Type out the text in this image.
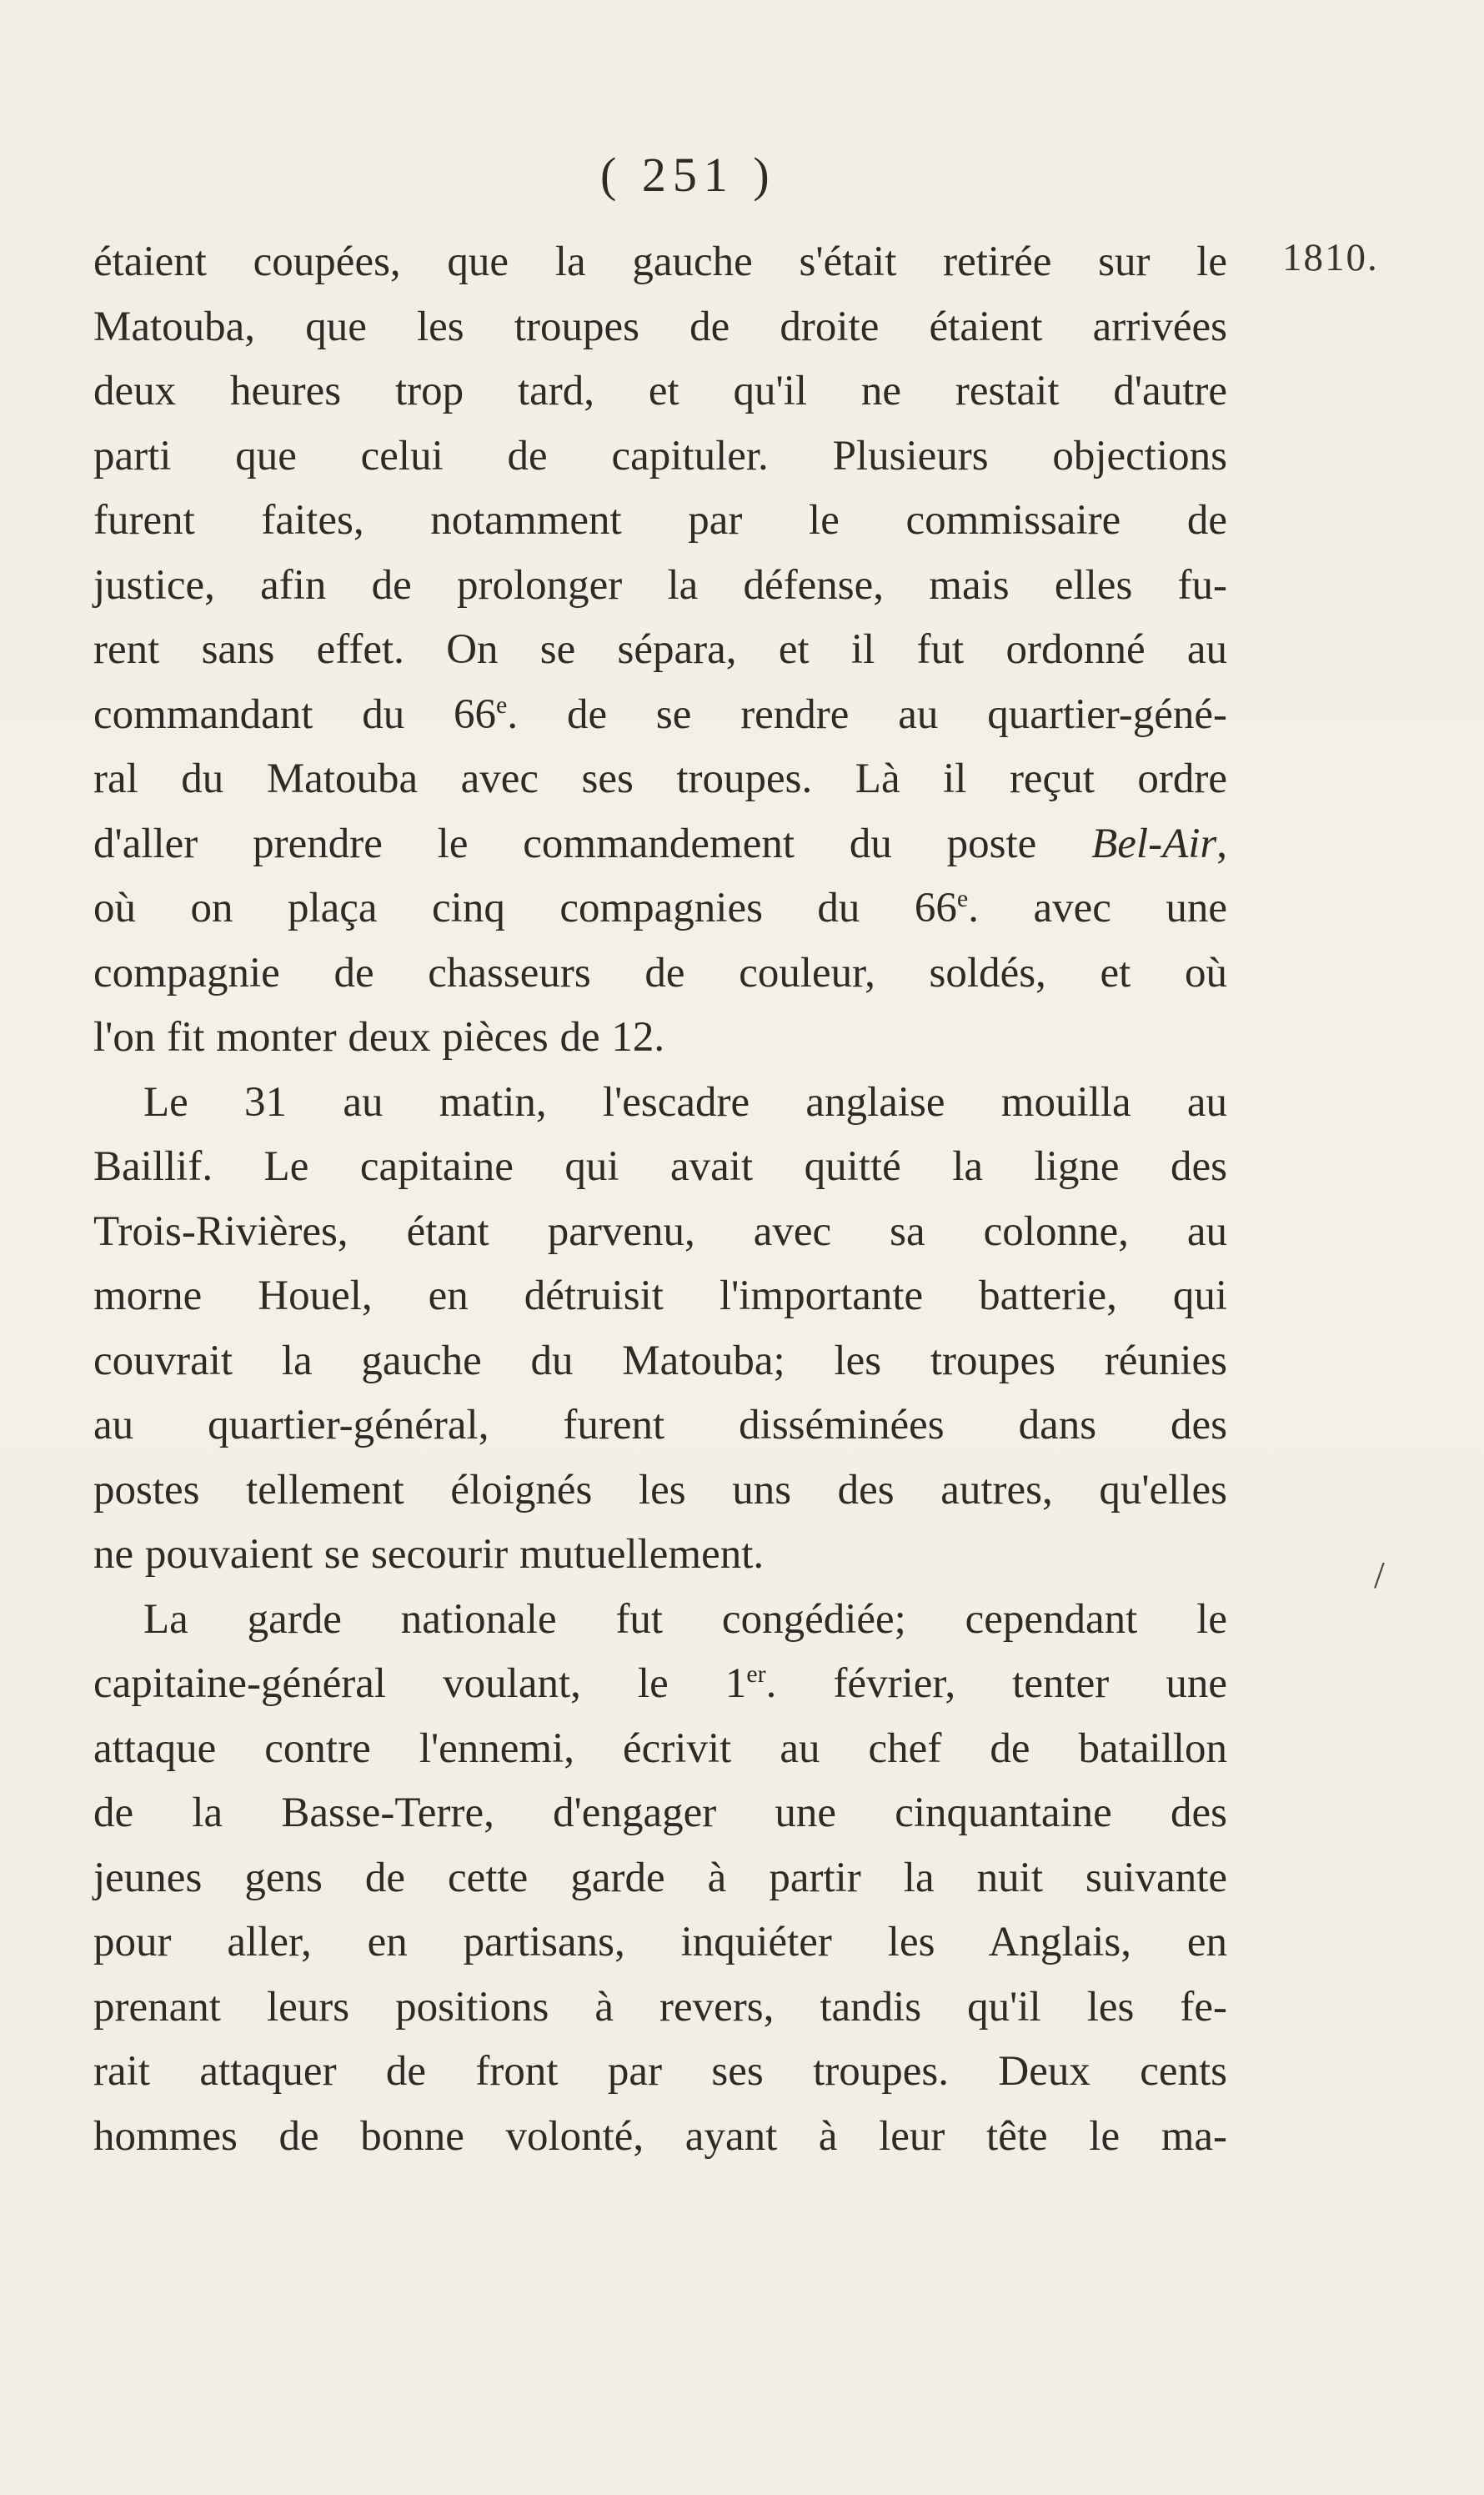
( 251 )
1810.
/
étaient coupées, que la gauche s'était retirée sur le
Matouba, que les troupes de droite étaient arrivées
deux heures trop tard, et qu'il ne restait d'autre
parti que celui de capituler. Plusieurs objections
furent faites, notamment par le commissaire de
justice, afin de prolonger la défense, mais elles fu-
rent sans effet. On se sépara, et il fut ordonné au
commandant du 66e. de se rendre au quartier-géné-
ral du Matouba avec ses troupes. Là il reçut ordre
d'aller prendre le commandement du poste Bel-Air,
où on plaça cinq compagnies du 66e. avec une
compagnie de chasseurs de couleur, soldés, et où
l'on fit monter deux pièces de 12.
Le 31 au matin, l'escadre anglaise mouilla au
Baillif. Le capitaine qui avait quitté la ligne des
Trois-Rivières, étant parvenu, avec sa colonne, au
morne Houel, en détruisit l'importante batterie, qui
couvrait la gauche du Matouba; les troupes réunies
au quartier-général, furent disséminées dans des
postes tellement éloignés les uns des autres, qu'elles
ne pouvaient se secourir mutuellement.
La garde nationale fut congédiée; cependant le
capitaine-général voulant, le 1er. février, tenter une
attaque contre l'ennemi, écrivit au chef de bataillon
de la Basse-Terre, d'engager une cinquantaine des
jeunes gens de cette garde à partir la nuit suivante
pour aller, en partisans, inquiéter les Anglais, en
prenant leurs positions à revers, tandis qu'il les fe-
rait attaquer de front par ses troupes. Deux cents
hommes de bonne volonté, ayant à leur tête le ma-
